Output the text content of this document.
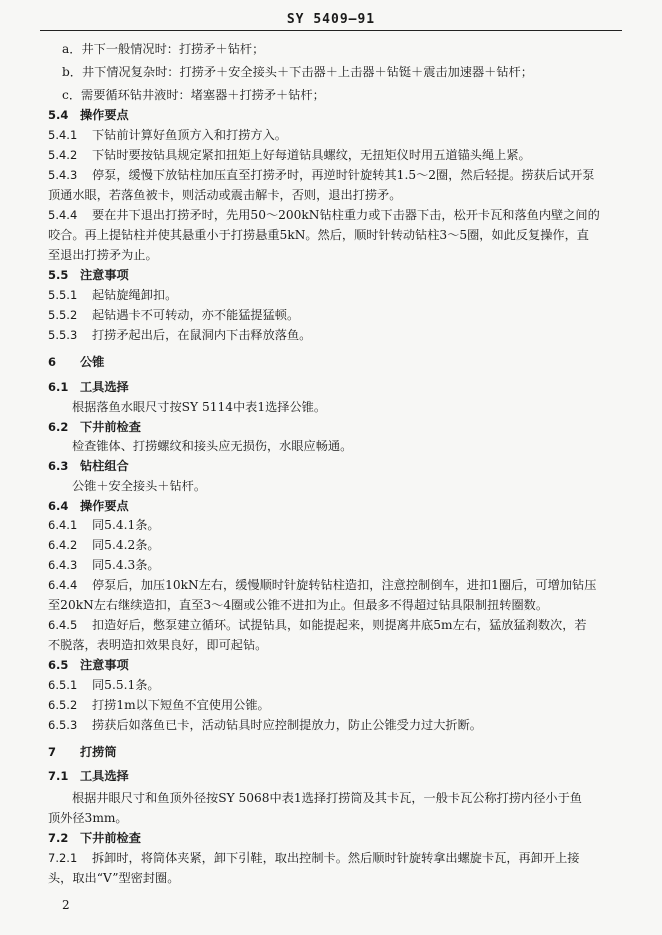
SY 5409—91
a．井下一般情况时：打捞矛＋钻杆；
b．井下情况复杂时：打捞矛＋安全接头＋下击器＋上击器＋钻铤＋震击加速器＋钻杆；
c．需要循环钻井液时：堵塞器＋打捞矛＋钻杆；
5.4 操作要点
5.4.1 下钻前计算好鱼顶方入和打捞方入。
5.4.2 下钻时要按钻具规定紧扣扭矩上好每道钻具螺纹，无扭矩仪时用五道锚头绳上紧。
5.4.3 停泵，缓慢下放钻柱加压直至打捞矛时，再逆时针旋转其1.5～2圈，然后轻提。捞获后试开泵
顶通水眼，若落鱼被卡，则活动或震击解卡，否则，退出打捞矛。
5.4.4 要在井下退出打捞矛时，先用50～200kN钻柱重力或下击器下击，松开卡瓦和落鱼内壁之间的
咬合。再上提钻柱并使其悬重小于打捞悬重5kN。然后，顺时针转动钻柱3～5圈，如此反复操作，直
至退出打捞矛为止。
5.5 注意事项
5.5.1 起钻旋绳卸扣。
5.5.2 起钻遇卡不可转动，亦不能猛提猛顿。
5.5.3 打捞矛起出后，在鼠洞内下击释放落鱼。
6 公锥
6.1 工具选择
根据落鱼水眼尺寸按SY 5114中表1选择公锥。
6.2 下井前检查
检查锥体、打捞螺纹和接头应无损伤，水眼应畅通。
6.3 钻柱组合
公锥＋安全接头＋钻杆。
6.4 操作要点
6.4.1 同5.4.1条。
6.4.2 同5.4.2条。
6.4.3 同5.4.3条。
6.4.4 停泵后，加压10kN左右，缓慢顺时针旋转钻柱造扣，注意控制倒车，进扣1圈后，可增加钻压
至20kN左右继续造扣，直至3～4圈或公锥不进扣为止。但最多不得超过钻具限制扭转圈数。
6.4.5 扣造好后，憋泵建立循环。试提钻具，如能提起来，则提离井底5m左右，猛放猛刹数次，若
不脱落，表明造扣效果良好，即可起钻。
6.5 注意事项
6.5.1 同5.5.1条。
6.5.2 打捞1m以下短鱼不宜使用公锥。
6.5.3 捞获后如落鱼已卡，活动钻具时应控制提放力，防止公锥受力过大折断。
7 打捞筒
7.1 工具选择
根据井眼尺寸和鱼顶外径按SY 5068中表1选择打捞筒及其卡瓦，一般卡瓦公称打捞内径小于鱼
顶外径3mm。
7.2 下井前检查
7.2.1 拆卸时，将筒体夹紧，卸下引鞋，取出控制卡。然后顺时针旋转拿出螺旋卡瓦，再卸开上接
头，取出“V”型密封圈。
2
